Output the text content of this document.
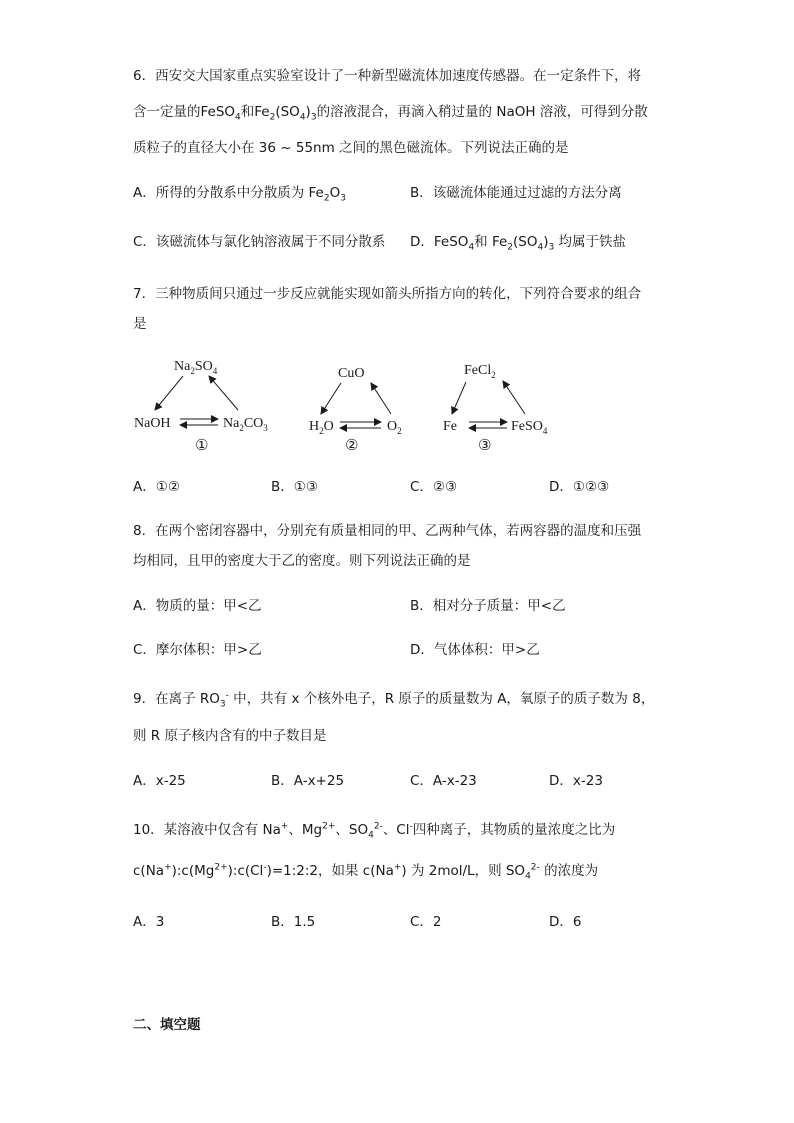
6．西安交大国家重点实验室设计了一种新型磁流体加速度传感器。在一定条件下，将
含一定量的FeSO$_4$和$Fe_2(SO_4)_3$的溶液混合，再滴入稍过量的 NaOH 溶液，可得到分散
质粒子的直径大小在 36 ~ 55nm 之间的黑色磁流体。下列说法正确的是
A．所得的分散系中分散质为 $Fe_2O_3$	B．该磁流体能通过过滤的方法分离
C．该磁流体与氯化钠溶液属于不同分散系 D．FeSO$_4$和 $Fe_2(SO_4)_3$ 均属于铁盐
7．三种物质间只通过一步反应就能实现如箭头所指方向的转化，下列符合要求的组合
是
$Na_2SO_4$
NaOH	$Na_2CO_3$
①
CuO
$H_2O$	$O_2$
②
FeCl$_2$
Fe	FeSO$_4$
③
A．①②	B．①③	C．②③	D．①②③
8．在两个密闭容器中，分别充有质量相同的甲、乙两种气体，若两容器的温度和压强
均相同，且甲的密度大于乙的密度。则下列说法正确的是
A．物质的量：甲<乙	B．相对分子质量：甲<乙
C．摩尔体积：甲>乙	D．气体体积：甲>乙
9．在离子 $RO_3^-$ 中，共有 x 个核外电子，R 原子的质量数为 A，氧原子的质子数为 8，
则 R 原子核内含有的中子数目是
A．x-25	B．A-x+25	C．A-x-23	D．x-23
10．某溶液中仅含有 Na+、$Mg^{2+}$、$SO_4^{2-}$、Cl-四种离子，其物质的量浓度之比为
$c(Na^+):c(Mg^{2+}):c(Cl^-)=1:2:2$，如果 c(Na+) 为 2mol/L，则 $SO_4^{2-}$ 的浓度为
A．3	B．1.5	C．2	D．6
二、填空题
